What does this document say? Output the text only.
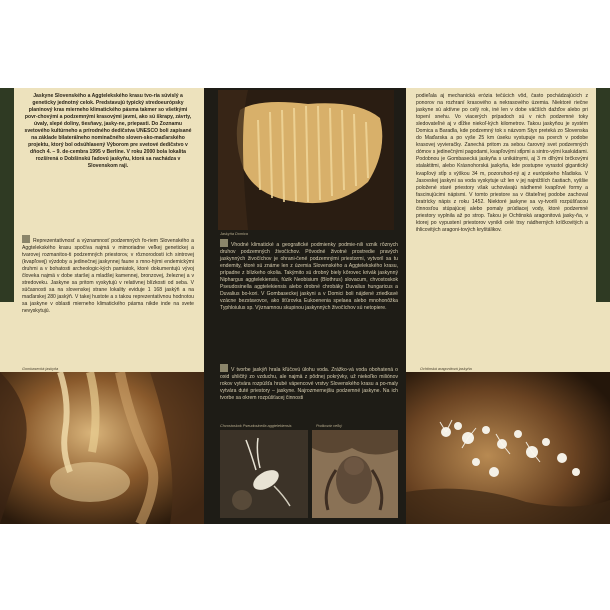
Jaskyne Slovenského a Aggtelekského krasu tvo-ria súvislý a geneticky jednotný celok. Predstavujú typický stredoeurópsky planinový kras mierneho klimatického pásma takmer so všetkými povr-chovými a podzemnými krasovými javmi, ako sú škrapy, závrty, úvaly, slepé doliny, tiesňavy, jasky-ne, priepasti. Do Zoznamu svetového kultúrneho a prírodného dedičstva UNESCO boli zapísané na základe bilaterálneho nominačného sloven-sko-maďarského projektu, ktorý bol odsúhlasený Výborom pre svetové dedičstvo v dňoch 4. – 9. de-cembra 1995 v Berlíne. V roku 2000 bola lokalita rozšírená o Dobšinskú ľadovú jaskyňu, ktorá sa nachádza v Slovenskom raji.

Reprezentatívnosť a významnosť podzemných fo-riem Slovenského a Aggtelekského krasu spočíva najmä v mimoriadne veľkej genetickej a tvarovej rozmanitos-ti podzemných priestorov, v rôznorodosti ich sintrovej (kvapľovej) výzdoby a jedinečnej jaskynnej faune s mno-hými endemickými druhmi a v bohatosti archeologic-kých pamiatok, ktoré dokumentujú vývoj človeka najmä v dobe staršej a mladšej kamennej, bronzovej, železnej a v stredoveku. Jaskyne sa pritom vyskytujú v relatívnej blízkosti od seba. V súčasnosti sa na slovenskej strane lokality eviduje 1 168 jaskýň a na maďarskej 280 jaskýň. V takej hustote a s takou reprezentatívnou hodnotou sa jaskyne v oblasti mierneho klimatického pásma nikde inde na svete nevyskytujú.

Gombasecká jaskyňa
Jaskyňa Domica
Vhodné klimatické a geografické podmienky podmie-nili vznik rôznych druhov podzemných živočíchov. Pôvodné životné prostredie pravých jaskynných živočíchov je ohrani-čené podzemnými priestormi, vytvoril sa tu endemity, ktoré sú známe len z územia Slovenského a Aggtelekského krasu, prípadne z blízkeho okolia. Takýmito sú drobný biely kôrovec krivák jaskynný Niphargus aggtelekiensis, fúzik Neobisium (Blothrus) slovacum, chvostoskok Pseudosinella aggtelekiensis alebo drobné chrobáky Duvalius hungaricus a Duvalius bo-kori. V Gombaseckej jaskyni a v Domici boli nájdené zriedkavé vzácne bezstavovce, ako šťúrovka Eukoenenia spelaea alebo mnohonôžka Typhloiulus sp. Významnou skupinou jaskynných živočíchov sú netopiere.
V tvorbe jaskýň hrala kľúčovú úlohu voda. Zrážko-vá voda obohatená o oxid uhličitý zo vzduchu, ale najmä z pôdnej pokrývky, už niekoľko miliónov rokov vytvára rozpúšťa hrubé vápencové vrstvy Slovenského krasu a po-maly vytvára duté priestory – jaskyne. Najrozmernejšiu podzemné jaskyne. Na ich tvorbe sa okrem rozpúšťacej činnosti
Chvostoskok Pseudosinella aggtelekiensis	Podkovár veľký

podieľala aj mechanická erózia tečúcich vôd, často pochádzajúcich z ponorov na rozhraní krasového a nekrasového územia. Niektoré riečne jaskyne sú aktívne po celý rok, iné len v dobe väčších dažďov alebo pri topení snehu. Vo viacerých prípadoch sú v nich podzemné toky sledovateľné aj v dĺžke niekoľ-kých kilometrov. Takou jaskyňou je systém Domica a Baradla, kde podzemný tok s názvom Styx preteká zo Slovenska do Maďarska a po vyše 25 km úseku vystupuje na povrch v podobe krasovej vyvieračky. Zanechá pritom za sebou čarovný svet podzemných dómov s jedinečnými pagodami, kvapľovými stĺpmi a sintro-vými kaskádami. Podobnou je Gombasecká jaskyňa s unikátnymi, aj 3 m dlhými brčkovými stalaktitmi, alebo Krásnohorská jaskyňa, kde postupne vyrastol gigantický kvapľový stĺp s výškou 34 m, pozoruhod-ný aj z európskeho hľadiska. V Jasovskej jaskyni sa voda vyskytuje už len v jej najnižších častiach, vyššie položené staré priestory však uchovávajú nádherné kvapľové formy a fascinujúcimi nápismi. V tomto priestore sa v čitateľnej podobe zachoval bratrícky nápis z roku 1452. Niektoré jaskyne sa vy-tvorili rozpúšťacou činnosťou stúpajúcej alebo pomaly prúdiacej vody, ktoré podzemné priestory vyplnila až po strop. Takou je Ochtinská aragonitová jasky-ňa, v ktorej po vypustení priestorov vynikli celé trsy nádherných kríčkovitých a ihlicovitých aragoni-tových kryštálikov.

Ochtinská aragonitová jaskyňa
